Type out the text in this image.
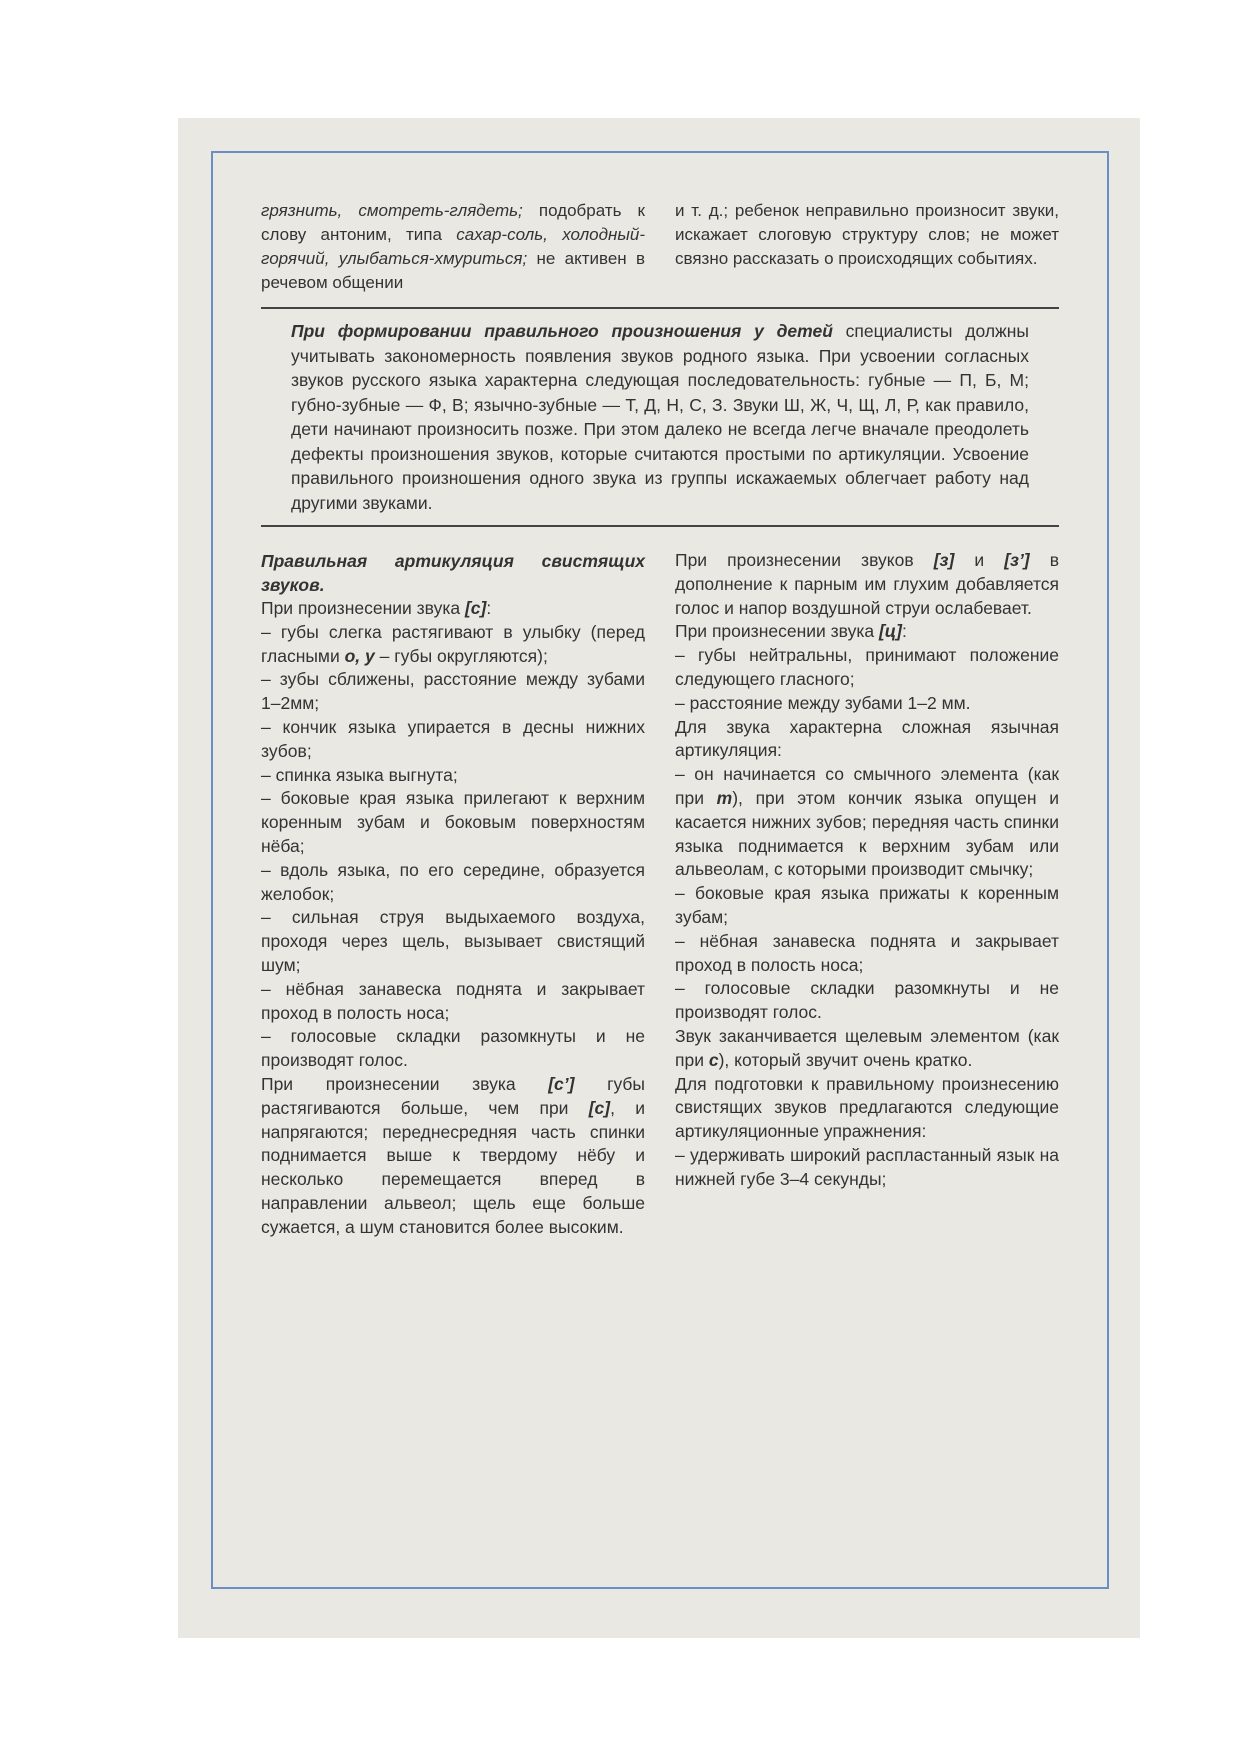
грязнить, смотреть-глядеть; подобрать к слову антоним, типа сахар-соль, холодный-горячий, улыбаться-хмуриться; не активен в речевом общении

и т. д.; ребенок неправильно произносит звуки, искажает слоговую структуру слов; не может связно рассказать о происходящих событиях.

При формировании правильного произношения у детей специалисты должны учитывать закономерность появления звуков родного языка. При усвоении согласных звуков русского языка характерна следующая последовательность: губные — П, Б, М; губно-зубные — Ф, В; язычно-зубные — Т, Д, Н, С, З. Звуки Ш, Ж, Ч, Щ, Л, Р, как правило, дети начинают произносить позже. При этом далеко не всегда легче вначале преодолеть дефекты произношения звуков, которые считаются простыми по артикуляции. Усвоение правильного произношения одного звука из группы искажаемых облегчает работу над другими звуками.

Правильная артикуляция свистящих звуков.

При произнесении звука [с]:

– губы слегка растягивают в улыбку (перед гласными о, у – губы округляются);

– зубы сближены, расстояние между зубами 1–2мм;

– кончик языка упирается в десны нижних зубов;

– спинка языка выгнута;

– боковые края языка прилегают к верхним коренным зубам и боковым поверхностям нёба;

– вдоль языка, по его середине, образуется желобок;

– сильная струя выдыхаемого воздуха, проходя через щель, вызывает свистящий шум;

– нёбная занавеска поднята и закрывает проход в полость носа;

– голосовые складки разомкнуты и не производят голос.

При произнесении звука [с’] губы растягиваются больше, чем при [с], и напрягаются; переднесредняя часть спинки поднимается выше к твердому нёбу и несколько перемещается вперед в направлении альвеол; щель еще больше сужается, а шум становится более высоким.

При произнесении звуков [з] и [з’] в дополнение к парным им глухим добавляется голос и напор воздушной струи ослабевает.

При произнесении звука [ц]:

– губы нейтральны, принимают положение следующего гласного;

– расстояние между зубами 1–2 мм.

Для звука характерна сложная язычная артикуляция:

– он начинается со смычного элемента (как при т), при этом кончик языка опущен и касается нижних зубов; передняя часть спинки языка поднимается к верхним зубам или альвеолам, с которыми производит смычку;

– боковые края языка прижаты к коренным зубам;

– нёбная занавеска поднята и закрывает проход в полость носа;

– голосовые складки разомкнуты и не производят голос.

Звук заканчивается щелевым элементом (как при с), который звучит очень кратко.

Для подготовки к правильному произнесению свистящих звуков предлагаются следующие артикуляционные упражнения:

– удерживать широкий распластанный язык на нижней губе 3–4 секунды;
